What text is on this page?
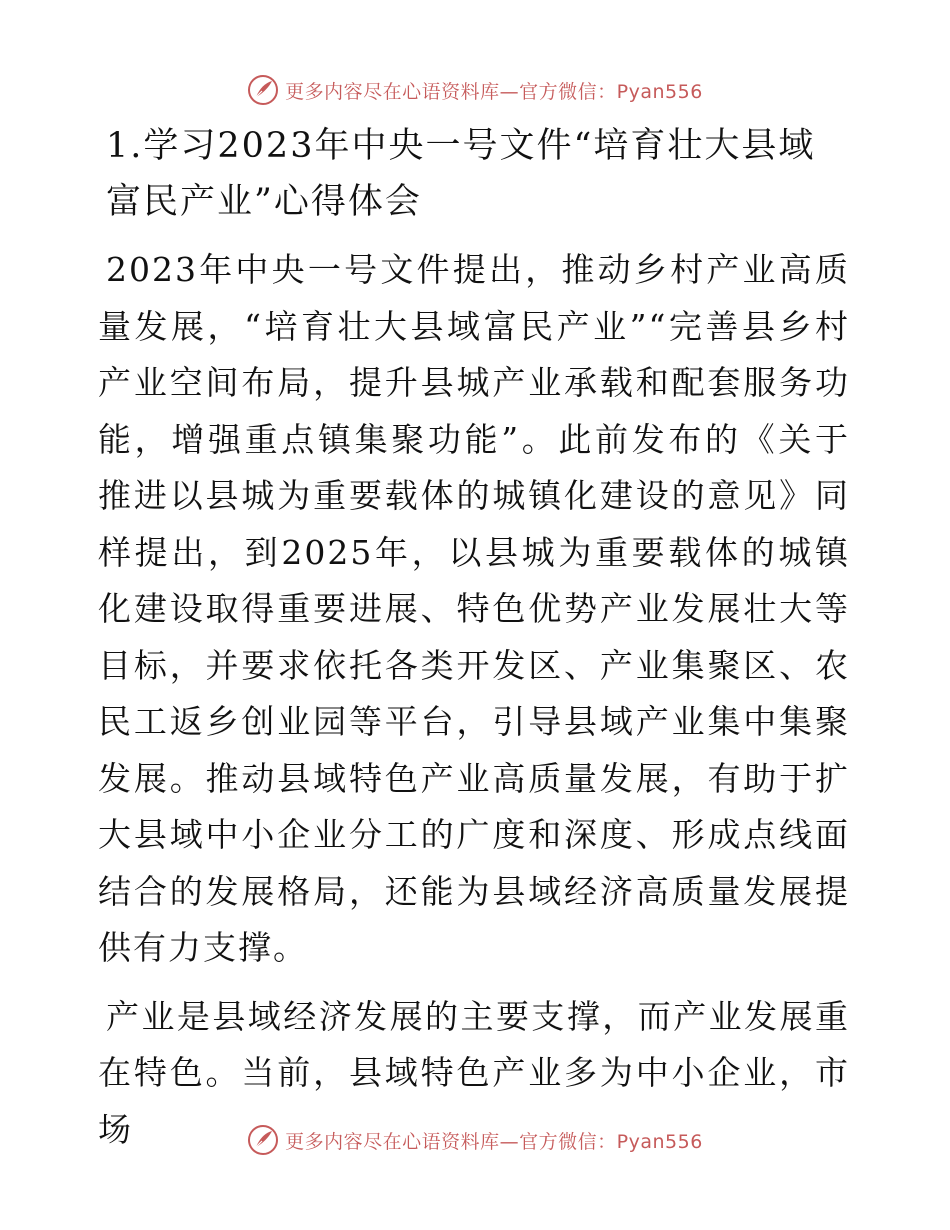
更多内容尽在心语资料库—官方微信：Pyan556
1.学习2023年中央一号文件“培育壮大县域富民产业”心得体会

2023年中央一号文件提出，推动乡村产业高质量发展，“培育壮大县域富民产业”“完善县乡村产业空间布局，提升县城产业承载和配套服务功能，增强重点镇集聚功能”。此前发布的《关于推进以县城为重要载体的城镇化建设的意见》同样提出，到2025年，以县城为重要载体的城镇化建设取得重要进展、特色优势产业发展壮大等目标，并要求依托各类开发区、产业集聚区、农民工返乡创业园等平台，引导县域产业集中集聚发展。推动县域特色产业高质量发展，有助于扩大县域中小企业分工的广度和深度、形成点线面结合的发展格局，还能为县域经济高质量发展提供有力支撑。

产业是县域经济发展的主要支撑，而产业发展重在特色。当前，县域特色产业多为中小企业，市场	更多内容尽在心语资料库—官方微信：Pyan556
